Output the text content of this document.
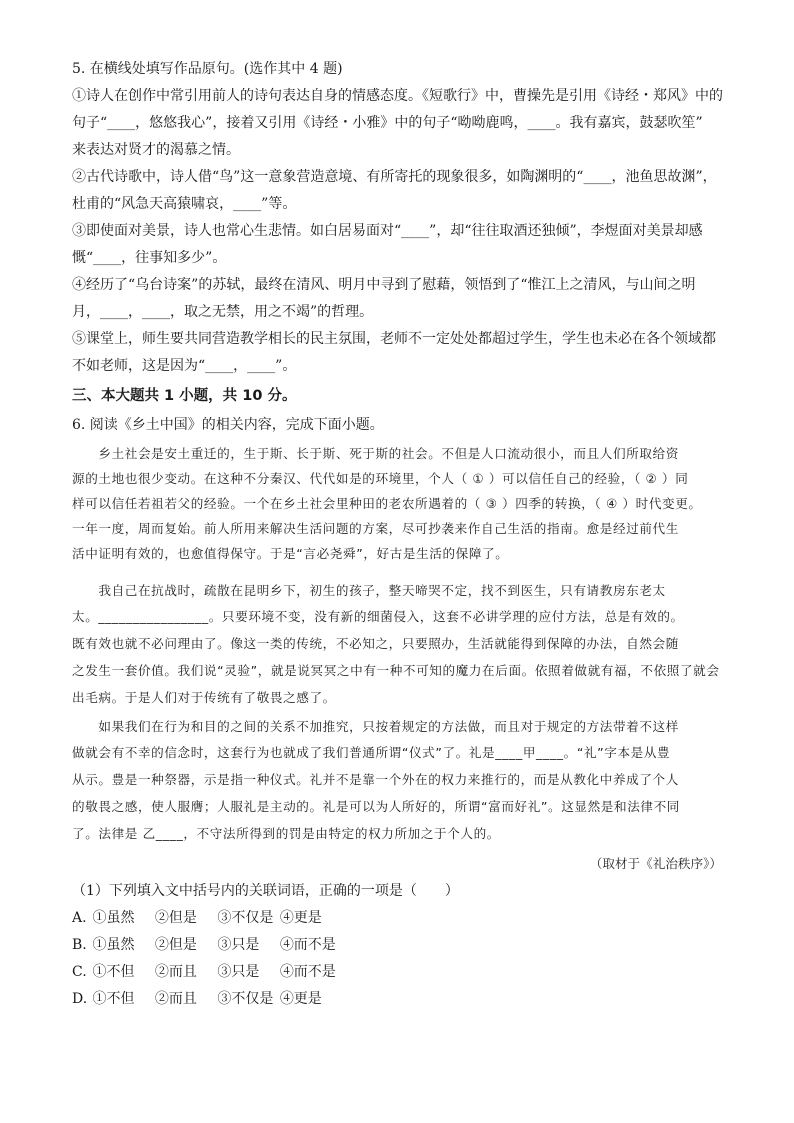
5. 在横线处填写作品原句。(选作其中 4 题)
①诗人在创作中常引用前人的诗句表达自身的情感态度。《短歌行》中，曹操先是引用《诗经・郑风》中的
句子“____，悠悠我心”，接着又引用《诗经・小雅》中的句子“呦呦鹿鸣，____。我有嘉宾，鼓瑟吹笙”
来表达对贤才的渴慕之情。
②古代诗歌中，诗人借“鸟”这一意象营造意境、有所寄托的现象很多，如陶渊明的“____，池鱼思故渊”，
杜甫的“风急天高猿啸哀，____”等。
③即使面对美景，诗人也常心生悲情。如白居易面对“____”，却“往往取酒还独倾”，李煜面对美景却感
慨“____，往事知多少”。
④经历了“乌台诗案”的苏轼，最终在清风、明月中寻到了慰藉，领悟到了“惟江上之清风，与山间之明
月，____，____，取之无禁，用之不竭”的哲理。
⑤课堂上，师生要共同营造教学相长的民主氛围，老师不一定处处都超过学生，学生也未必在各个领域都
不如老师，这是因为“____，____”。
三、本大题共 1 小题，共 10 分。
6. 阅读《乡土中国》的相关内容，完成下面小题。
　　乡土社会是安土重迁的，生于斯、长于斯、死于斯的社会。不但是人口流动很小，而且人们所取给资
源的土地也很少变动。在这种不分秦汉、代代如是的环境里，个人（ ① ）可以信任自己的经验，（ ② ）同
样可以信任若祖若父的经验。一个在乡土社会里种田的老农所遇着的（ ③ ）四季的转换，（ ④ ）时代变更。
一年一度，周而复始。前人所用来解决生活问题的方案，尽可抄袭来作自己生活的指南。愈是经过前代生
活中证明有效的，也愈值得保守。于是“言必尧舜”，好古是生活的保障了。
　　我自己在抗战时，疏散在昆明乡下，初生的孩子，整天啼哭不定，找不到医生，只有请教房东老太
太。________________。只要环境不变，没有新的细菌侵入，这套不必讲学理的应付方法，总是有效的。
既有效也就不必问理由了。像这一类的传统，不必知之，只要照办，生活就能得到保障的办法，自然会随
之发生一套价值。我们说“灵验”，就是说冥冥之中有一种不可知的魔力在后面。依照着做就有福，不依照了就会
出毛病。于是人们对于传统有了敬畏之感了。
　　如果我们在行为和目的之间的关系不加推究，只按着规定的方法做，而且对于规定的方法带着不这样
做就会有不幸的信念时，这套行为也就成了我们普通所谓“仪式”了。礼是____甲____。“礼”字本是从豊
从示。豊是一种祭器，示是指一种仪式。礼并不是靠一个外在的权力来推行的，而是从教化中养成了个人
的敬畏之感，使人服膺；人服礼是主动的。礼是可以为人所好的，所谓“富而好礼”。这显然是和法律不同
了。法律是 乙____，不守法所得到的罚是由特定的权力所加之于个人的。
（取材于《礼治秩序》）
（1）下列填入文中括号内的关联词语，正确的一项是（　　）
A. ①虽然 ②但是 ③不仅是 ④更是
B. ①虽然 ②但是 ③只是 ④而不是
C. ①不但 ②而且 ③只是 ④而不是
D. ①不但 ②而且 ③不仅是 ④更是
